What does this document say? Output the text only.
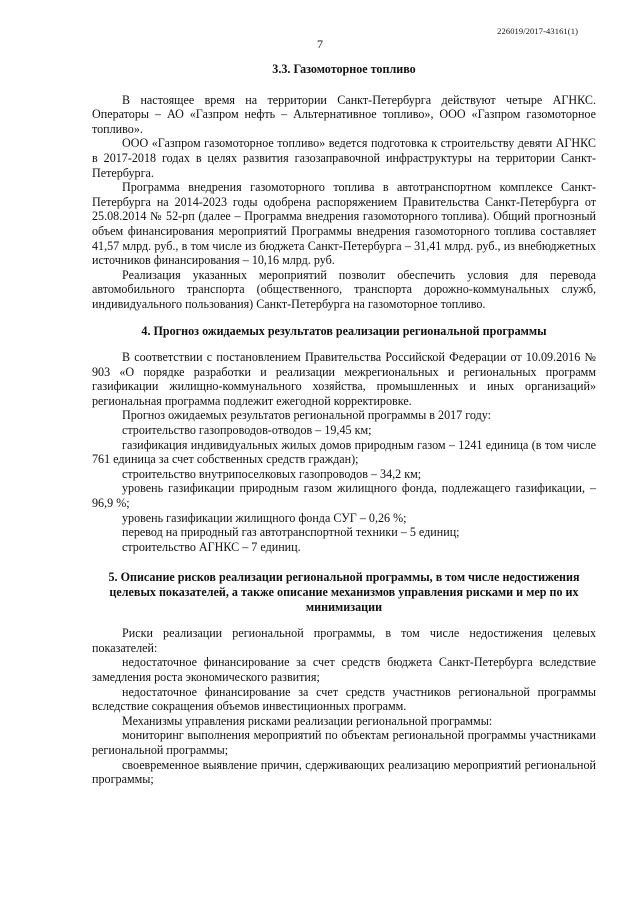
226019/2017-43161(1)
7
3.3. Газомоторное топливо
В настоящее время на территории Санкт-Петербурга действуют четыре АГНКС. Операторы – АО «Газпром нефть – Альтернативное топливо», ООО «Газпром газомоторное топливо».
ООО «Газпром газомоторное топливо» ведется подготовка к строительству девяти АГНКС в 2017-2018 годах в целях развития газозаправочной инфраструктуры на территории Санкт-Петербурга.
Программа внедрения газомоторного топлива в автотранспортном комплексе Санкт-Петербурга на 2014-2023 годы одобрена распоряжением Правительства Санкт-Петербурга от 25.08.2014 № 52-рп (далее – Программа внедрения газомоторного топлива). Общий прогнозный объем финансирования мероприятий Программы внедрения газомоторного топлива составляет 41,57 млрд. руб., в том числе из бюджета Санкт-Петербурга – 31,41 млрд. руб., из внебюджетных источников финансирования – 10,16 млрд. руб.
Реализация указанных мероприятий позволит обеспечить условия для перевода автомобильного транспорта (общественного, транспорта дорожно-коммунальных служб, индивидуального пользования) Санкт-Петербурга на газомоторное топливо.
4. Прогноз ожидаемых результатов реализации региональной программы
В соответствии с постановлением Правительства Российской Федерации от 10.09.2016 № 903 «О порядке разработки и реализации межрегиональных и региональных программ газификации жилищно-коммунального хозяйства, промышленных и иных организаций» региональная программа подлежит ежегодной корректировке.
Прогноз ожидаемых результатов региональной программы в 2017 году:
строительство газопроводов-отводов – 19,45 км;
газификация индивидуальных жилых домов природным газом – 1241 единица (в том числе 761 единица за счет собственных средств граждан);
строительство внутрипоселковых газопроводов – 34,2 км;
уровень газификации природным газом жилищного фонда, подлежащего газификации, – 96,9 %;
уровень газификации жилищного фонда СУГ – 0,26 %;
перевод на природный газ автотранспортной техники – 5 единиц;
строительство АГНКС – 7 единиц.
5. Описание рисков реализации региональной программы, в том числе недостижения целевых показателей, а также описание механизмов управления рисками и мер по их минимизации
Риски реализации региональной программы, в том числе недостижения целевых показателей:
недостаточное финансирование за счет средств бюджета Санкт-Петербурга вследствие замедления роста экономического развития;
недостаточное финансирование за счет средств участников региональной программы вследствие сокращения объемов инвестиционных программ.
Механизмы управления рисками реализации региональной программы:
мониторинг выполнения мероприятий по объектам региональной программы участниками региональной программы;
своевременное выявление причин, сдерживающих реализацию мероприятий региональной программы;
